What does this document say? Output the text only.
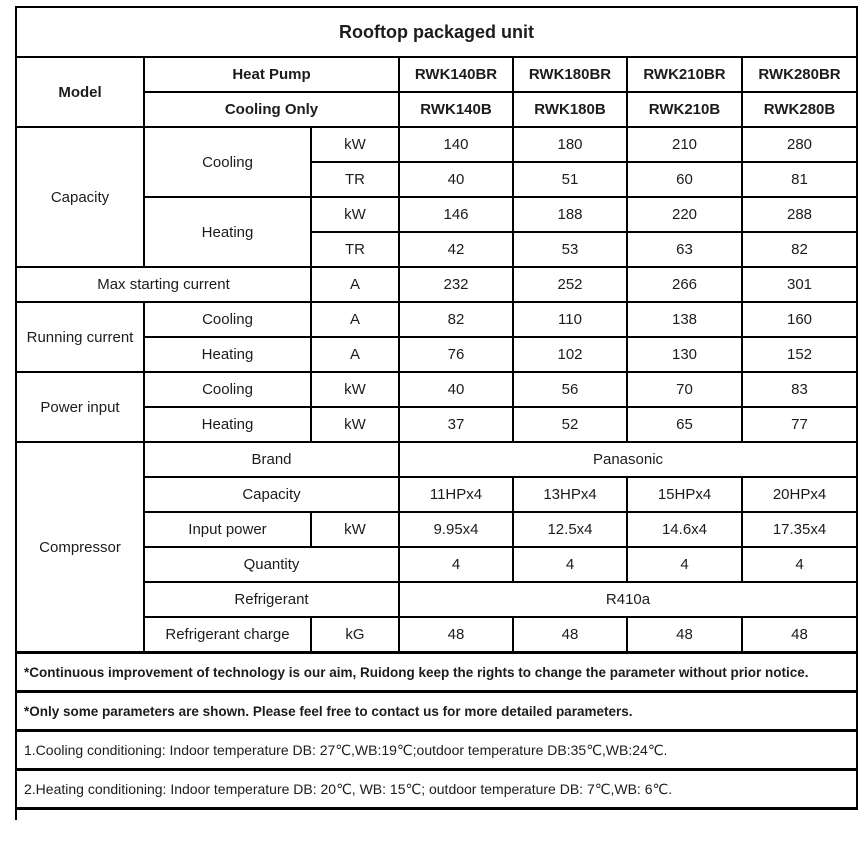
Rooftop packaged unit						
Model	Heat Pump		RWK140BR	RWK180BR	RWK210BR	RWK280BR
	Cooling Only		RWK140B	RWK180B	RWK210B	RWK280B
Capacity	Cooling	kW	140	180	210	280
		TR	40	51	60	81
	Heating	kW	146	188	220	288
		TR	42	53	63	82
Max starting current		A	232	252	266	301
Running current	Cooling	A	82	110	138	160
	Heating	A	76	102	130	152
Power input	Cooling	kW	40	56	70	83
	Heating	kW	37	52	65	77
Compressor	Brand		Panasonic			
	Capacity		11HPx4	13HPx4	15HPx4	20HPx4
	Input power	kW	9.95x4	12.5x4	14.6x4	17.35x4
	Quantity		4	4	4	4
	Refrigerant		R410a			
	Refrigerant charge	kG	48	48	48	48
*Continuous improvement of technology is our aim, Ruidong keep the rights to change the parameter without prior notice.						
*Only some parameters are shown. Please feel free to contact us for more detailed parameters.						
1.Cooling conditioning: Indoor temperature DB: 27℃,WB:19℃;outdoor temperature DB:35℃,WB:24℃.						
2.Heating conditioning: Indoor temperature DB: 20℃, WB: 15℃; outdoor temperature DB: 7℃,WB: 6℃.						
